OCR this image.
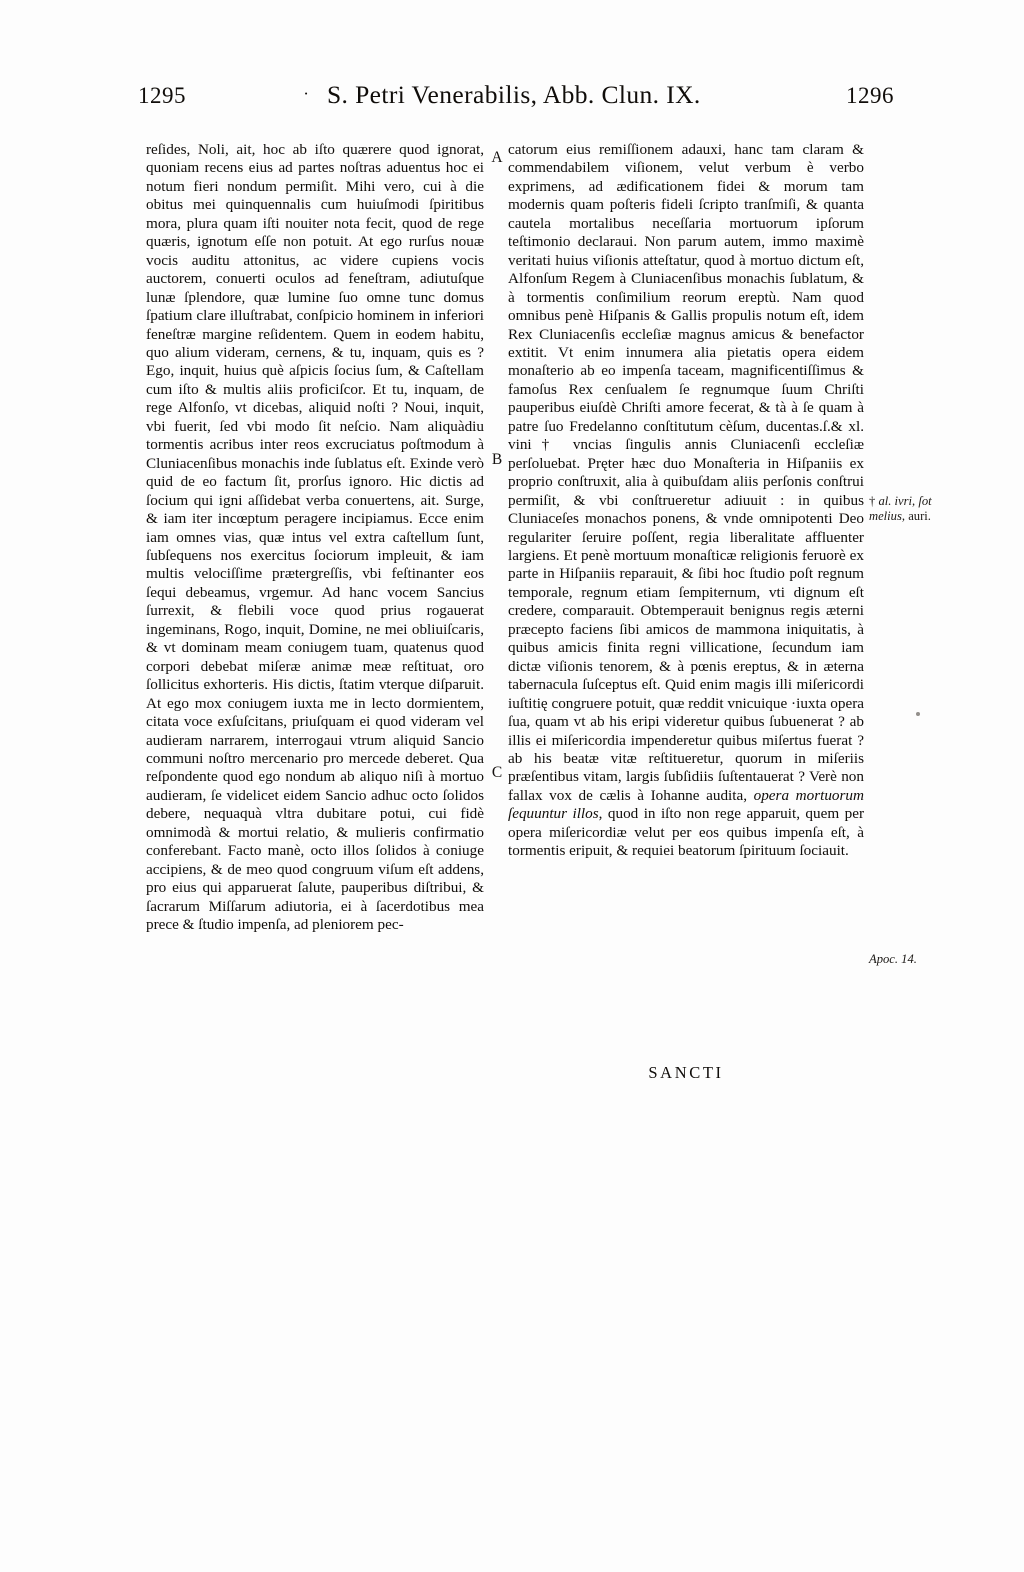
1295	· S. Petri Venerabilis, Abb. Clun. IX.	1296
A
B
C

reſides, Noli, ait, hoc ab iſto quærere quod ignorat, quoniam recens eius ad partes noſtras aduentus hoc ei notum fieri nondum permiſit. Mihi vero, cui à die obitus mei quinquennalis cum huiuſmodi ſpiritibus mora, plura quam iſti nouiter nota fecit, quod de rege quæris, ignotum eſſe non potuit. At ego rurſus nouæ vocis auditu attonitus, ac videre cupiens vocis auctorem, conuerti oculos ad feneſtram, adiutuſque lunæ ſplendore, quæ lumine ſuo omne tunc domus ſpatium clare illuſtrabat, conſpicio hominem in inferiori feneſtræ margine reſidentem. Quem in eodem habitu, quo alium videram, cernens, & tu, inquam, quis es ? Ego, inquit, huius què aſpicis ſocius ſum, & Caſtellam cum iſto & multis aliis proficiſcor. Et tu, inquam, de rege Alfonſo, vt dicebas, aliquid noſti ? Noui, inquit, vbi fuerit, ſed vbi modo ſit neſcio. Nam aliquàdiu tormentis acribus inter reos excruciatus poſtmodum à Cluniacenſibus monachis inde ſublatus eſt. Exinde verò quid de eo factum ſit, prorſus ignoro. Hic dictis ad ſocium qui igni aſſidebat verba conuertens, ait. Surge, & iam iter incœptum peragere incipiamus. Ecce enim iam omnes vias, quæ intus vel extra caſtellum ſunt, ſubſequens nos exercitus ſociorum impleuit, & iam multis velociſſime prætergreſſis, vbi feſtinanter eos ſequi debeamus, vrgemur. Ad hanc vocem Sancius ſurrexit, & flebili voce quod prius rogauerat ingeminans, Rogo, inquit, Domine, ne mei obliuiſcaris, & vt dominam meam coniugem tuam, quatenus quod corpori debebat miſeræ animæ meæ reſtituat, oro ſollicitus exhorteris. His dictis, ſtatim vterque diſparuit. At ego mox coniugem iuxta me in lecto dormientem, citata voce exſuſcitans, priuſquam ei quod videram vel audieram narrarem, interrogaui vtrum aliquid Sancio communi noſtro mercenario pro mercede deberet. Qua reſpondente quod ego nondum ab aliquo niſi à mortuo audieram, ſe videlicet eidem Sancio adhuc octo ſolidos debere, nequaquà vltra dubitare potui, cui fidè omnimodà & mortui relatio, & mulieris confirmatio conferebant. Facto manè, octo illos ſolidos à coniuge accipiens, & de meo quod congruum viſum eſt addens, pro eius qui apparuerat ſalute, pauperibus diſtribui, & ſacrarum Miſſarum adiutoria, ei à ſacerdotibus mea prece & ſtudio impenſa, ad pleniorem pec-

catorum eius remiſſionem adauxi, hanc tam claram & commendabilem viſionem, velut verbum è verbo exprimens, ad ædificationem fidei & morum tam modernis quam poſteris fideli ſcripto tranſmiſi, & quanta cautela mortalibus neceſſaria mortuorum ipſorum teſtimonio declaraui. Non parum autem, immo maximè veritati huius viſionis atteſtatur, quod à mortuo dictum eſt, Alfonſum Regem à Cluniacenſibus monachis ſublatum, & à tormentis conſimilium reorum ereptù. Nam quod omnibus penè Hiſpanis & Gallis propulis notum eſt, idem Rex Cluniacenſis eccleſiæ magnus amicus & benefactor extitit. Vt enim innumera alia pietatis opera eidem monaſterio ab eo impenſa taceam, magnificentiſſimus & famoſus Rex cenſualem ſe regnumque ſuum Chriſti pauperibus eiuſdè Chriſti amore fecerat, & tà à ſe quam à patre ſuo Fredelanno conſtitutum cèſum, ducentas.ſ.& xl. vini† vncias ſingulis annis Cluniacenſi eccleſiæ perſoluebat. Pręter hæc duo Monaſteria in Hiſpaniis ex proprio conſtruxit, alia à quibuſdam aliis perſonis conſtrui permiſit, & vbi conſtrueretur adiuuit : in quibus Cluniaceſes monachos ponens, & vnde omnipotenti Deo regulariter ſeruire poſſent, regia liberalitate affluenter largiens. Et penè mortuum monaſticæ religionis feruorè ex parte in Hiſpaniis reparauit, & ſibi hoc ſtudio poſt regnum temporale, regnum etiam ſempiternum, vti dignum eſt credere, comparauit. Obtemperauit benignus regis æterni præcepto faciens ſibi amicos de mammona iniquitatis, à quibus amicis finita regni villicatione, ſecundum iam dictæ viſionis tenorem, & à pœnis ereptus, & in æterna tabernacula ſuſceptus eſt. Quid enim magis illi miſericordi iuſtitię congruere potuit, quæ reddit vnicuique ·iuxta opera ſua, quam vt ab his eripi videretur quibus ſubuenerat ? ab illis ei miſericordia impenderetur quibus miſertus fuerat ? ab his beatæ vitæ reſtitueretur, quorum in miſeriis præſentibus vitam, largis ſubſidiis ſuſtentauerat ? Verè non fallax vox de cælis à Iohanne audita, opera mortuorum ſequuntur illos, quod in iſto non rege apparuit, quem per opera miſericordiæ velut per eos quibus impenſa eſt, à tormentis eripuit, & requiei beatorum ſpirituum ſociauit.

† al. ivri, ſot
melius, auri.
Apoc. 14.
SANCTI
